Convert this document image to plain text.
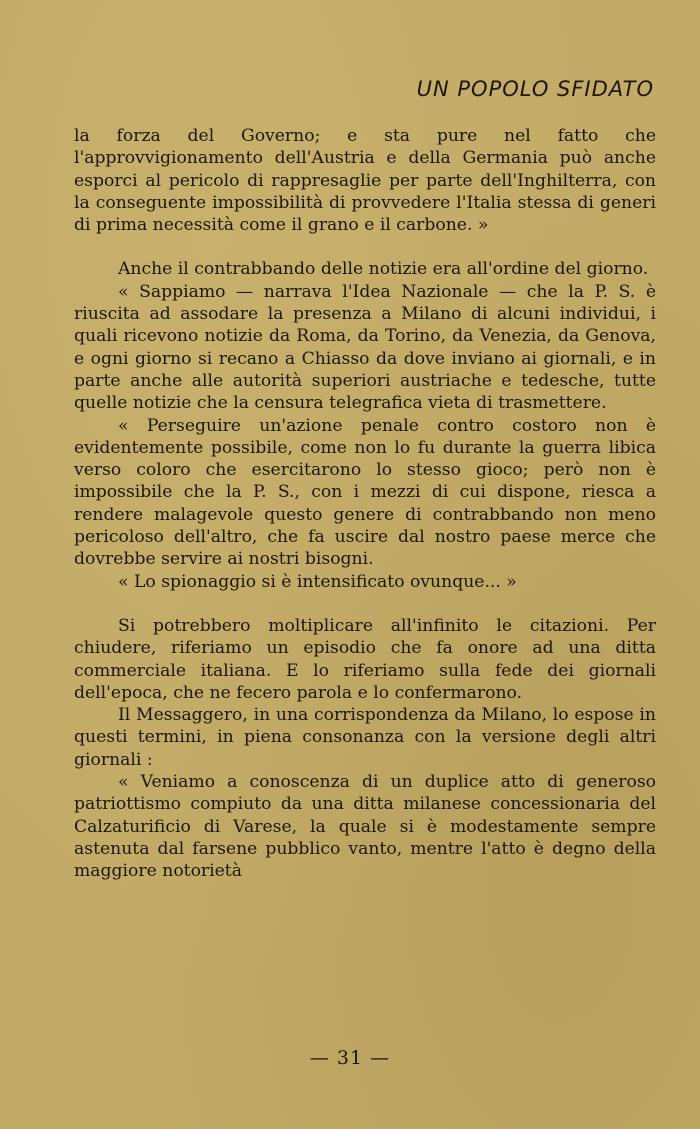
UN POPOLO SFIDATO

la forza del Governo; e sta pure nel fatto che l'approvvigionamento dell'Austria e della Germania può anche esporci al pericolo di rappresaglie per parte dell'Inghilterra, con la conseguente impossibilità di provvedere l'Italia stessa di generi di prima necessità come il grano e il carbone. »

Anche il contrabbando delle notizie era all'ordine del giorno.

« Sappiamo — narrava l'Idea Nazionale — che la P. S. è riuscita ad assodare la presenza a Milano di alcuni individui, i quali ricevono notizie da Roma, da Torino, da Venezia, da Genova, e ogni giorno si recano a Chiasso da dove inviano ai giornali, e in parte anche alle autorità superiori austriache e tedesche, tutte quelle notizie che la censura telegrafica vieta di trasmettere.

« Perseguire un'azione penale contro costoro non è evidentemente possibile, come non lo fu durante la guerra libica verso coloro che esercitarono lo stesso gioco; però non è impossibile che la P. S., con i mezzi di cui dispone, riesca a rendere malagevole questo genere di contrabbando non meno pericoloso dell'altro, che fa uscire dal nostro paese merce che dovrebbe servire ai nostri bisogni.

« Lo spionaggio si è intensificato ovunque... »

Si potrebbero moltiplicare all'infinito le citazioni. Per chiudere, riferiamo un episodio che fa onore ad una ditta commerciale italiana. E lo riferiamo sulla fede dei giornali dell'epoca, che ne fecero parola e lo confermarono.

Il Messaggero, in una corrispondenza da Milano, lo espose in questi termini, in piena consonanza con la versione degli altri giornali :

« Veniamo a conoscenza di un duplice atto di generoso patriottismo compiuto da una ditta milanese concessionaria del Calzaturificio di Varese, la quale si è modestamente sempre astenuta dal farsene pubblico vanto, mentre l'atto è degno della maggiore notorietà

— 31 —
